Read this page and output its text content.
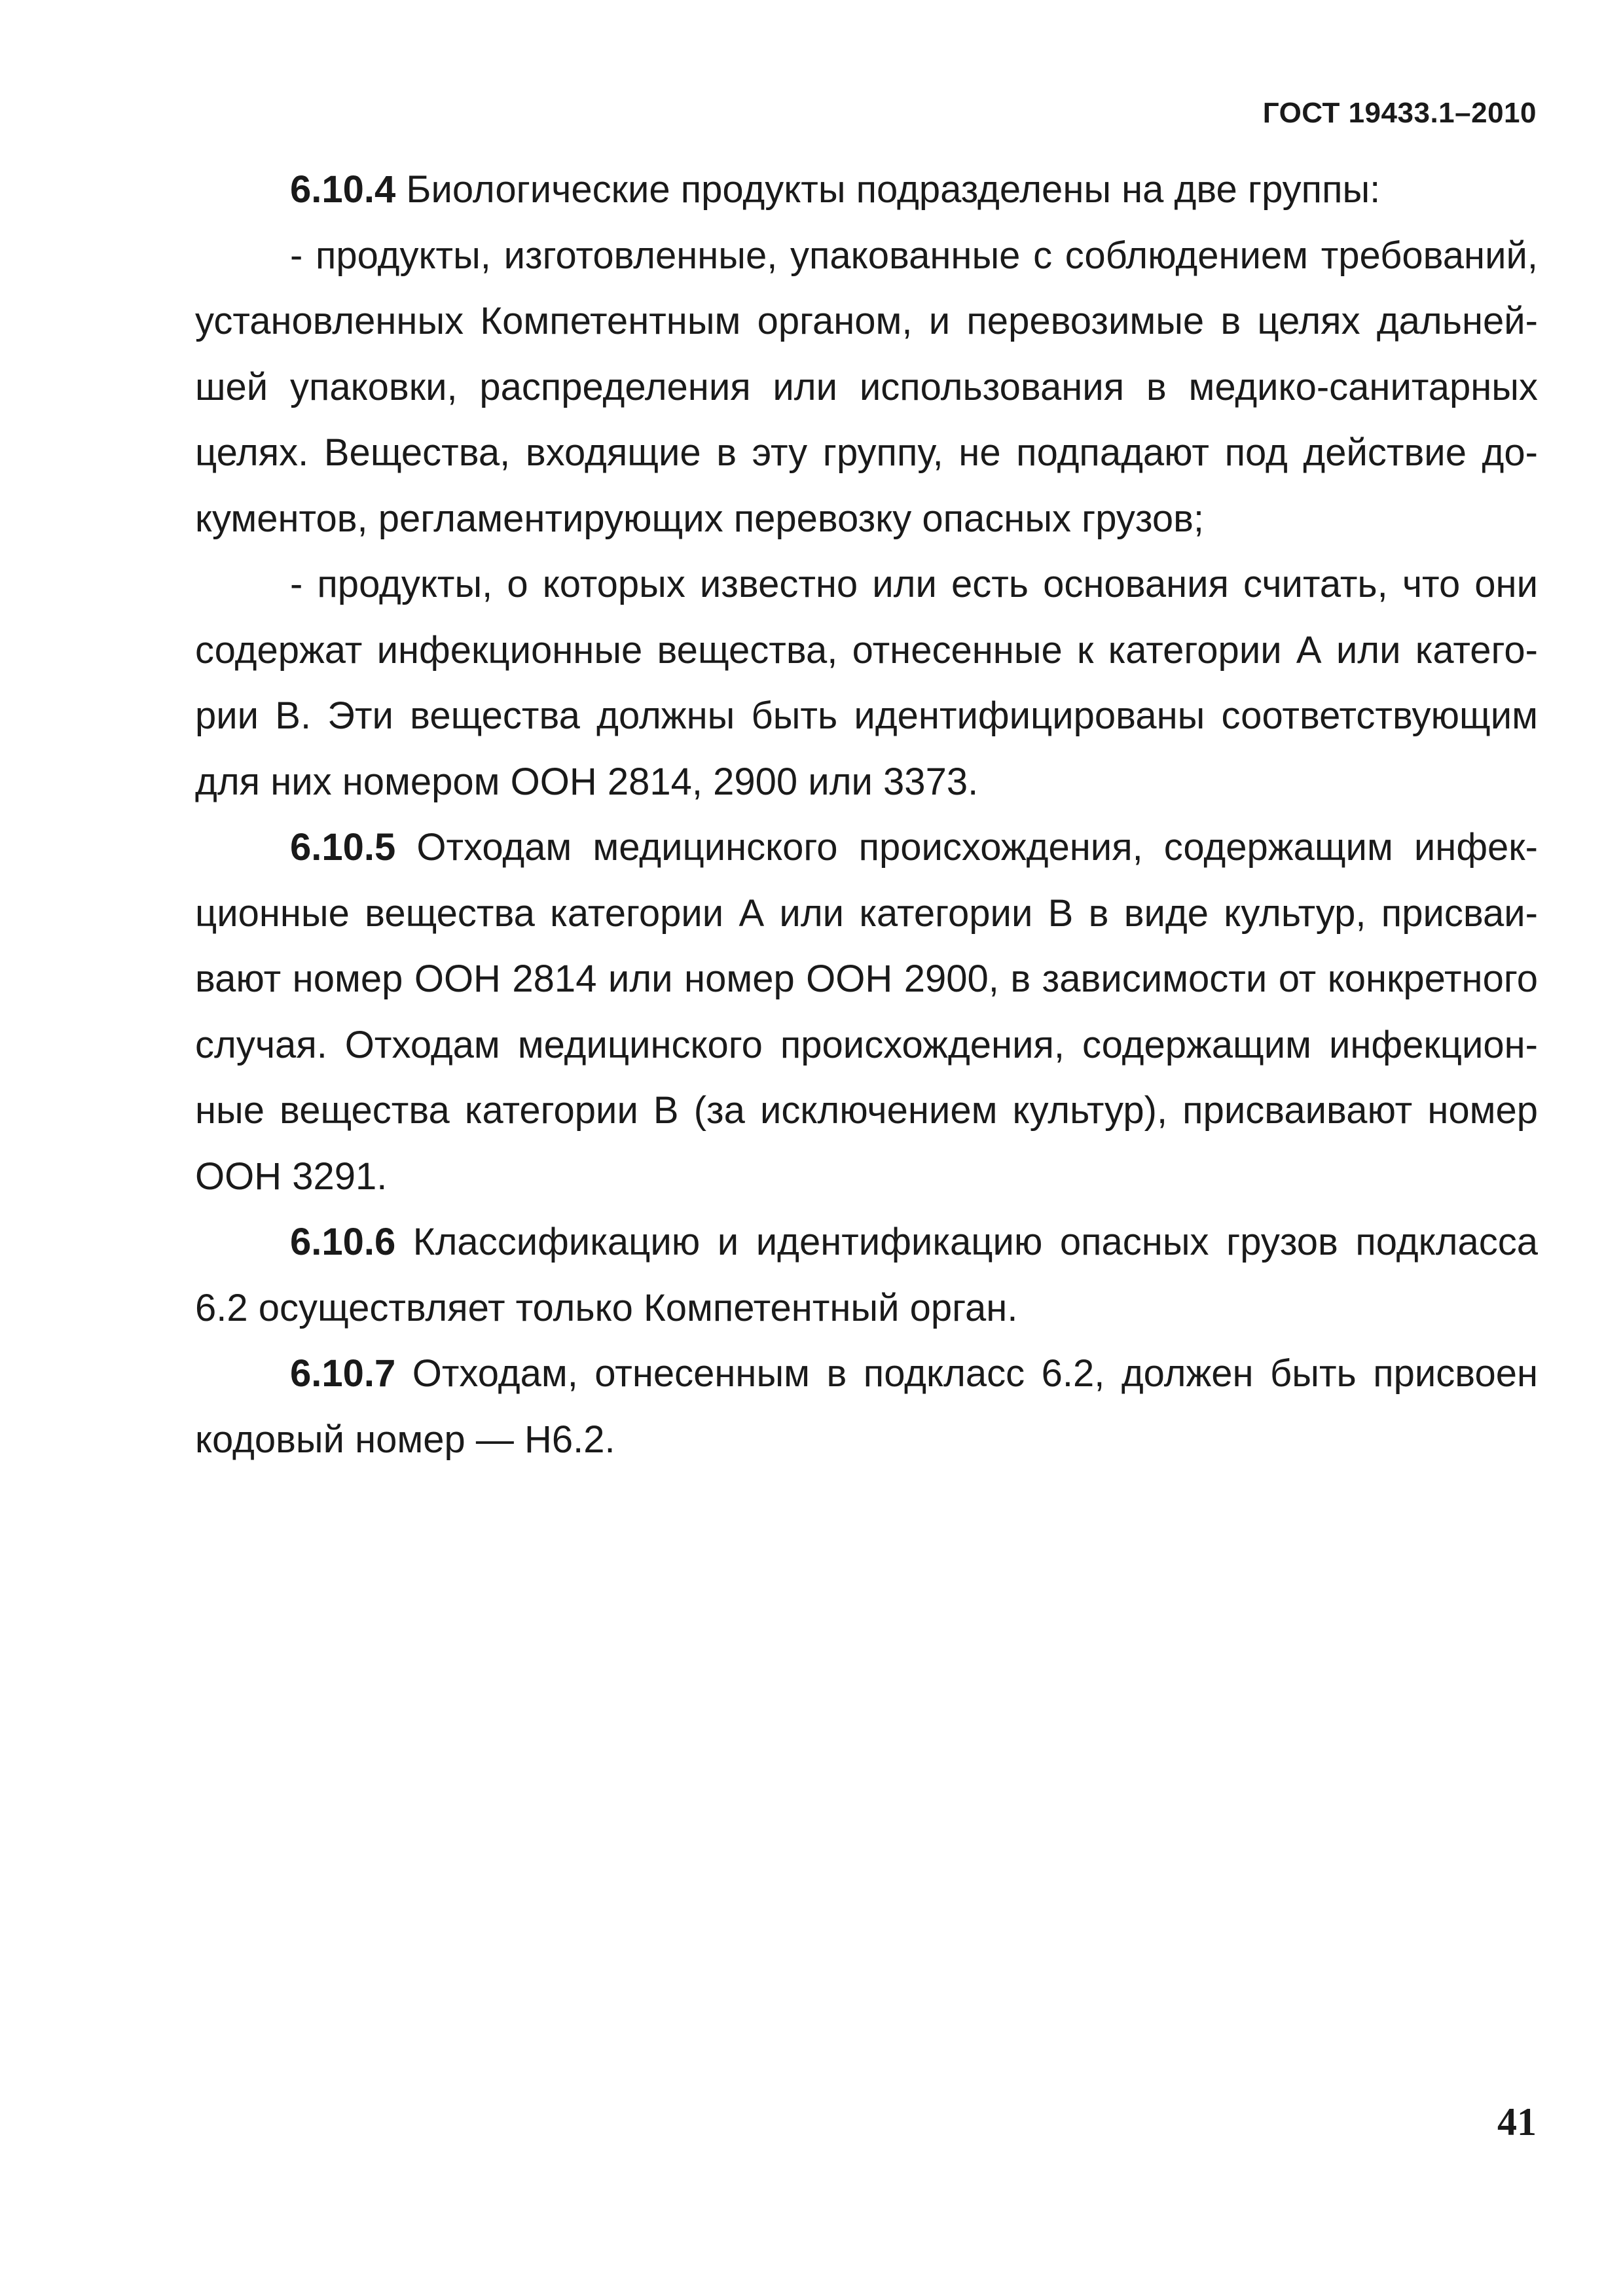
ГОСТ 19433.1–2010

6.10.4 Биологические продукты подразделены на две группы:

- продукты, изготовленные, упакованные с соблюдением требований, установленных Компетентным органом, и перевозимые в целях дальнейшей упаковки, распределения или использования в медико-санитарных целях. Вещества, входящие в эту группу, не подпадают под действие документов, регламентирующих перевозку опасных грузов;

- продукты, о которых известно или есть основания считать, что они содержат инфекционные вещества, отнесенные к категории А или категории В. Эти вещества должны быть идентифицированы соответствующим для них номером ООН 2814, 2900 или 3373.

6.10.5 Отходам медицинского происхождения, содержащим инфекционные вещества категории А или категории В в виде культур, присваивают номер ООН 2814 или номер ООН 2900, в зависимости от конкретного случая. Отходам медицинского происхождения, содержащим инфекционные вещества категории В (за исключением культур), присваивают номер ООН 3291.

6.10.6 Классификацию и идентификацию опасных грузов подкласса 6.2 осуществляет только Компетентный орган.

6.10.7 Отходам, отнесенным в подкласс 6.2, должен быть присвоен кодовый номер — Н6.2.

41
